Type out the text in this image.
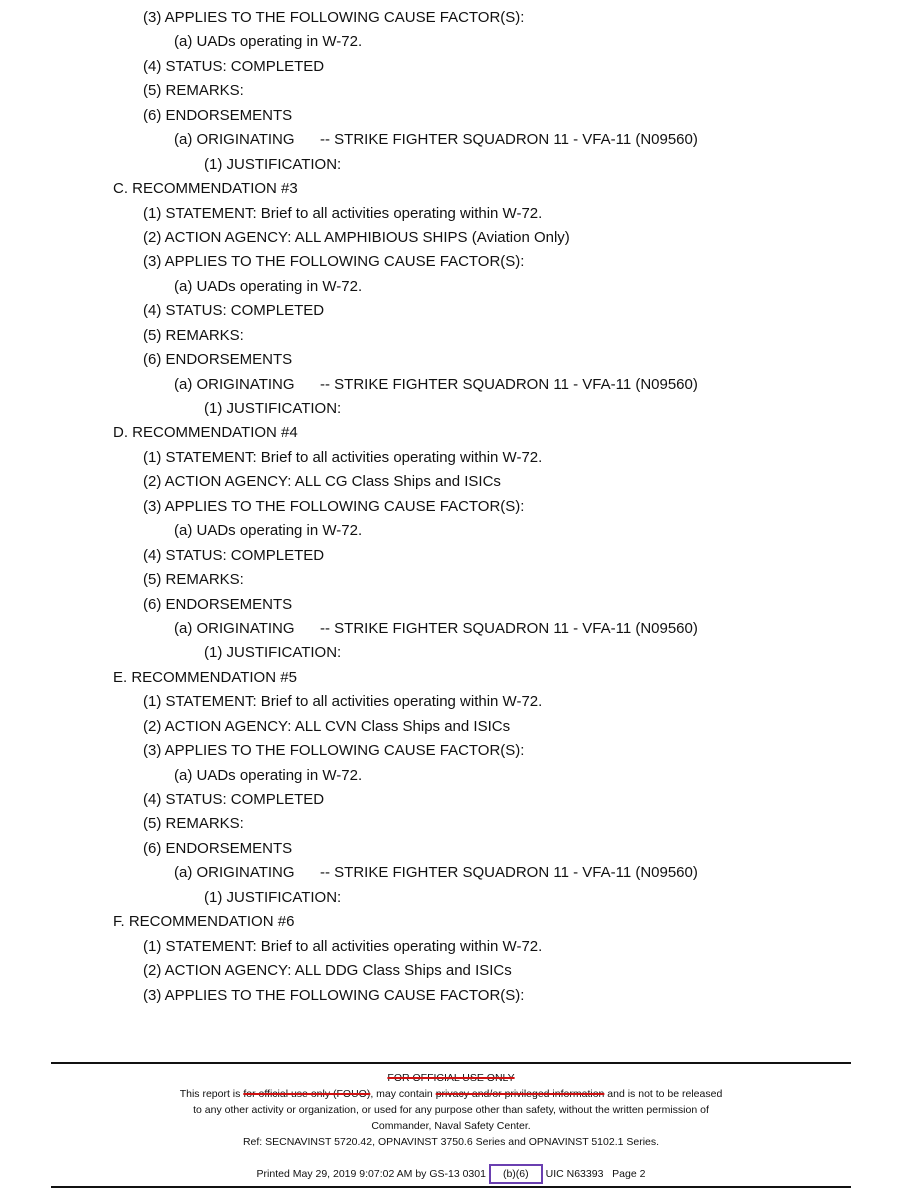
(3) APPLIES TO THE FOLLOWING CAUSE FACTOR(S):
(a) UADs operating in W-72.
(4) STATUS: COMPLETED
(5) REMARKS:
(6) ENDORSEMENTS
(a) ORIGINATING -- STRIKE FIGHTER SQUADRON 11 - VFA-11 (N09560)
(1) JUSTIFICATION:
C. RECOMMENDATION #3
(1) STATEMENT: Brief to all activities operating within W-72.
(2) ACTION AGENCY: ALL AMPHIBIOUS SHIPS (Aviation Only)
(3) APPLIES TO THE FOLLOWING CAUSE FACTOR(S):
(a) UADs operating in W-72.
(4) STATUS: COMPLETED
(5) REMARKS:
(6) ENDORSEMENTS
(a) ORIGINATING -- STRIKE FIGHTER SQUADRON 11 - VFA-11 (N09560)
(1) JUSTIFICATION:
D. RECOMMENDATION #4
(1) STATEMENT: Brief to all activities operating within W-72.
(2) ACTION AGENCY: ALL CG Class Ships and ISICs
(3) APPLIES TO THE FOLLOWING CAUSE FACTOR(S):
(a) UADs operating in W-72.
(4) STATUS: COMPLETED
(5) REMARKS:
(6) ENDORSEMENTS
(a) ORIGINATING -- STRIKE FIGHTER SQUADRON 11 - VFA-11 (N09560)
(1) JUSTIFICATION:
E. RECOMMENDATION #5
(1) STATEMENT: Brief to all activities operating within W-72.
(2) ACTION AGENCY: ALL CVN Class Ships and ISICs
(3) APPLIES TO THE FOLLOWING CAUSE FACTOR(S):
(a) UADs operating in W-72.
(4) STATUS: COMPLETED
(5) REMARKS:
(6) ENDORSEMENTS
(a) ORIGINATING -- STRIKE FIGHTER SQUADRON 11 - VFA-11 (N09560)
(1) JUSTIFICATION:
F. RECOMMENDATION #6
(1) STATEMENT: Brief to all activities operating within W-72.
(2) ACTION AGENCY: ALL DDG Class Ships and ISICs
(3) APPLIES TO THE FOLLOWING CAUSE FACTOR(S):
FOR OFFICIAL USE ONLY
This report is for official use only (FOUO), may contain privacy and/or privileged information and is not to be released
to any other activity or organization, or used for any purpose other than safety, without the written permission of
Commander, Naval Safety Center.
Ref: SECNAVINST 5720.42, OPNAVINST 3750.6 Series and OPNAVINST 5102.1 Series.
Printed May 29, 2019 9:07:02 AM by GS-13 0301 (b)(6) UIC N63393 Page 2
